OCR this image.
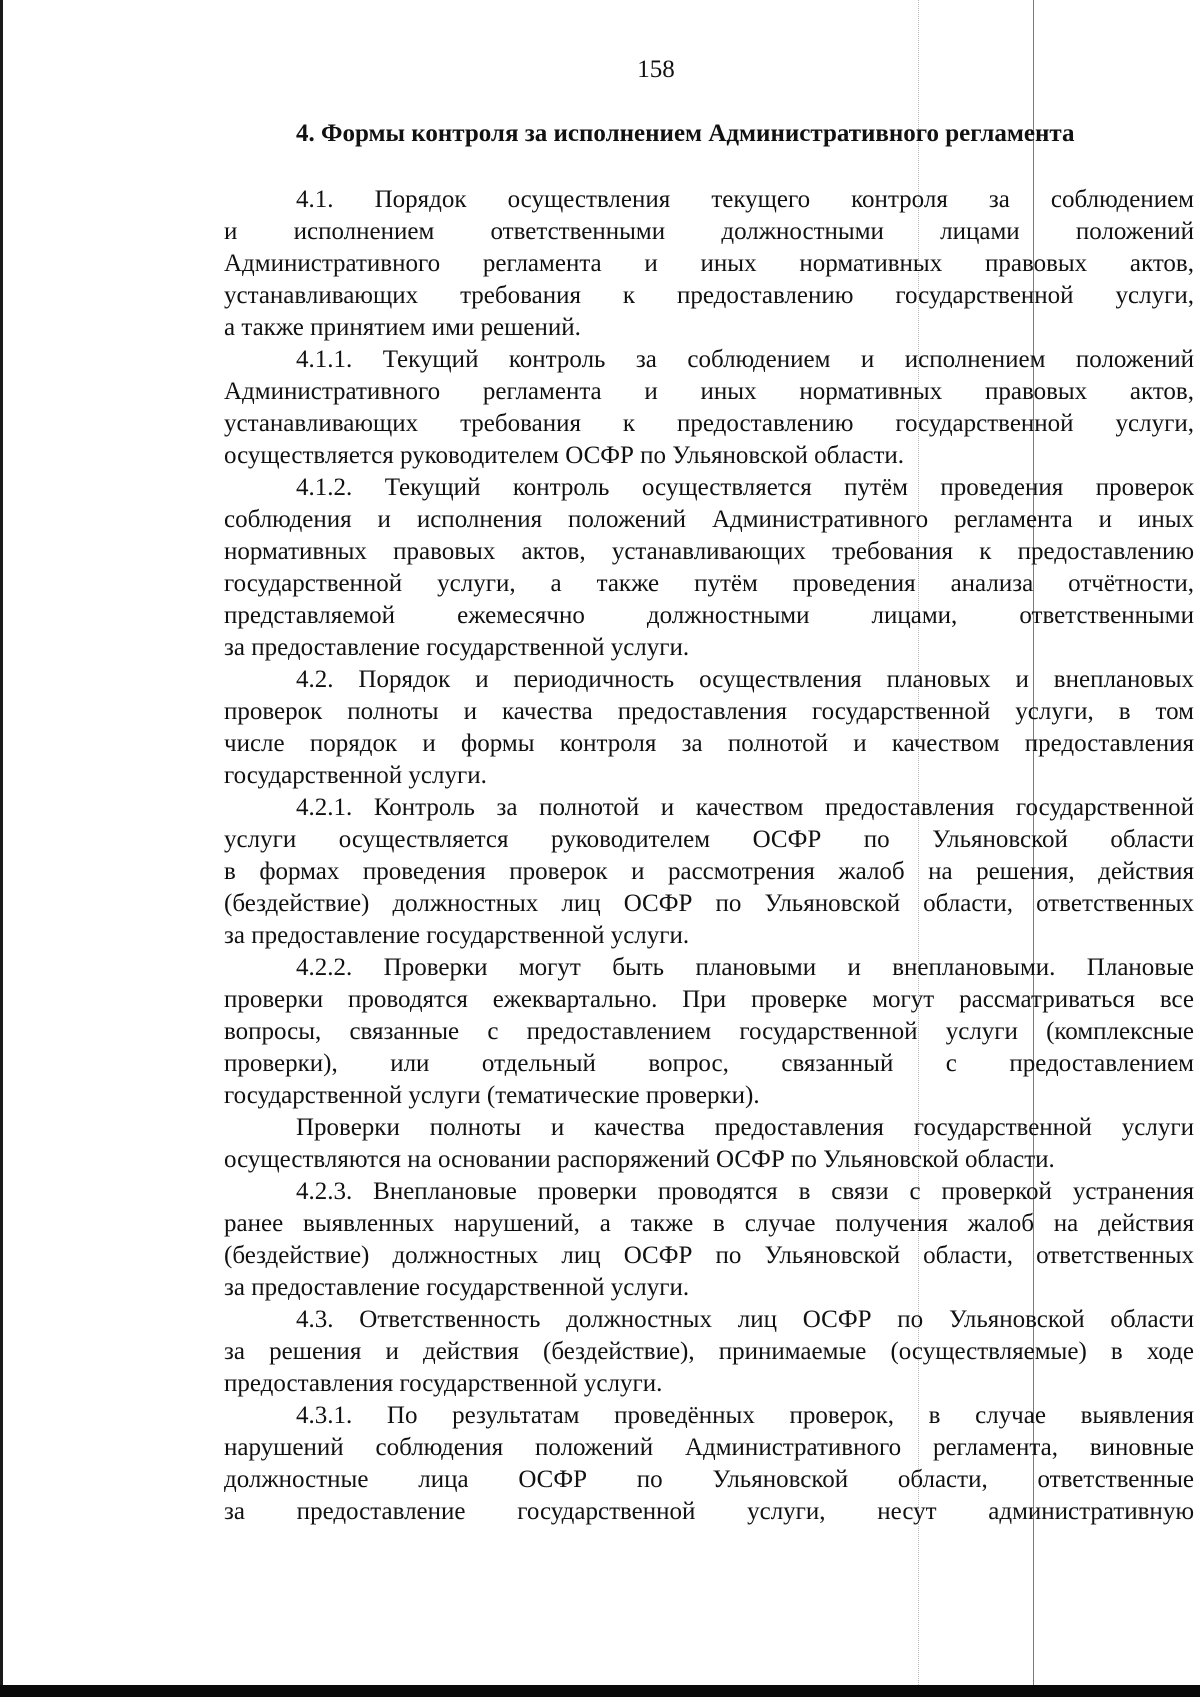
158
4. Формы контроля за исполнением Административного регламента
4.1. Порядок осуществления текущего контроля за соблюдением
и исполнением ответственными должностными лицами положений
Административного регламента и иных нормативных правовых актов,
устанавливающих требования к предоставлению государственной услуги,
а также принятием ими решений.
4.1.1. Текущий контроль за соблюдением и исполнением положений
Административного регламента и иных нормативных правовых актов,
устанавливающих требования к предоставлению государственной услуги,
осуществляется руководителем ОСФР по Ульяновской области.
4.1.2. Текущий контроль осуществляется путём проведения проверок
соблюдения и исполнения положений Административного регламента и иных
нормативных правовых актов, устанавливающих требования к предоставлению
государственной услуги, а также путём проведения анализа отчётности,
представляемой ежемесячно должностными лицами, ответственными
за предоставление государственной услуги.
4.2. Порядок и периодичность осуществления плановых и внеплановых
проверок полноты и качества предоставления государственной услуги, в том
числе порядок и формы контроля за полнотой и качеством предоставления
государственной услуги.
4.2.1. Контроль за полнотой и качеством предоставления государственной
услуги осуществляется руководителем ОСФР по Ульяновской области
в формах проведения проверок и рассмотрения жалоб на решения, действия
(бездействие) должностных лиц ОСФР по Ульяновской области, ответственных
за предоставление государственной услуги.
4.2.2. Проверки могут быть плановыми и внеплановыми. Плановые
проверки проводятся ежеквартально. При проверке могут рассматриваться все
вопросы, связанные с предоставлением государственной услуги (комплексные
проверки), или отдельный вопрос, связанный с предоставлением
государственной услуги (тематические проверки).
Проверки полноты и качества предоставления государственной услуги
осуществляются на основании распоряжений ОСФР по Ульяновской области.
4.2.3. Внеплановые проверки проводятся в связи с проверкой устранения
ранее выявленных нарушений, а также в случае получения жалоб на действия
(бездействие) должностных лиц ОСФР по Ульяновской области, ответственных
за предоставление государственной услуги.
4.3. Ответственность должностных лиц ОСФР по Ульяновской области
за решения и действия (бездействие), принимаемые (осуществляемые) в ходе
предоставления государственной услуги.
4.3.1. По результатам проведённых проверок, в случае выявления
нарушений соблюдения положений Административного регламента, виновные
должностные лица ОСФР по Ульяновской области, ответственные
за предоставление государственной услуги, несут административную
